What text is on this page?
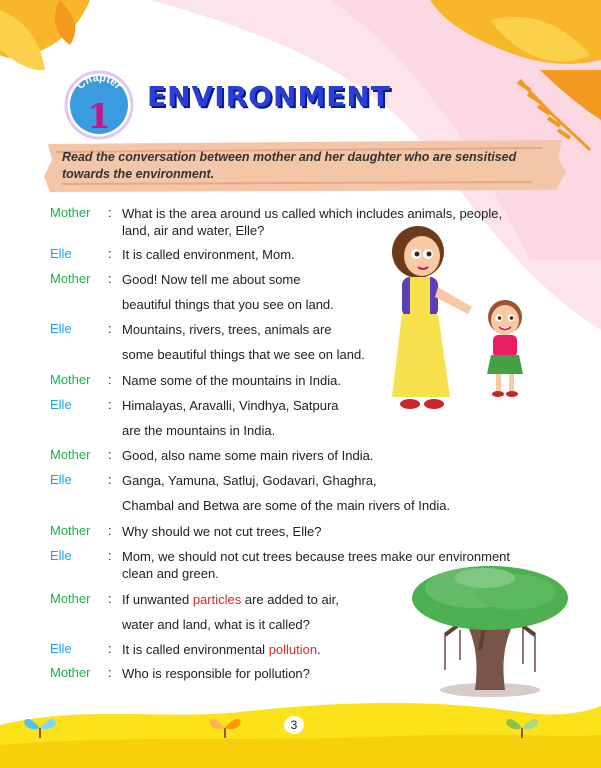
Chapter
1
ENVIRONMENT
Read the conversation between mother and her daughter who are sensitised towards the environment.
Mother : What is the area around us called which includes animals, people,
land, air and water, Elle?
Elle	: It is called environment, Mom.
Mother : Good! Now tell me about some
beautiful things that you see on land.
Elle	: Mountains, rivers, trees, animals are
some beautiful things that we see on land.
Mother : Name some of the mountains in India.
Elle	: Himalayas, Aravalli, Vindhya, Satpura
are the mountains in India.
Mother : Good, also name some main rivers of India.
Elle	: Ganga, Yamuna, Satluj, Godavari, Ghaghra,
Chambal and Betwa are some of the main rivers of India.
Mother : Why should we not cut trees, Elle?
Elle	: Mom, we should not cut trees because trees make our environment
clean and green.
Mother : If unwanted particles are added to air,
water and land, what is it called?
Elle	: It is called environmental pollution.
Mother : Who is responsible for pollution?
3
